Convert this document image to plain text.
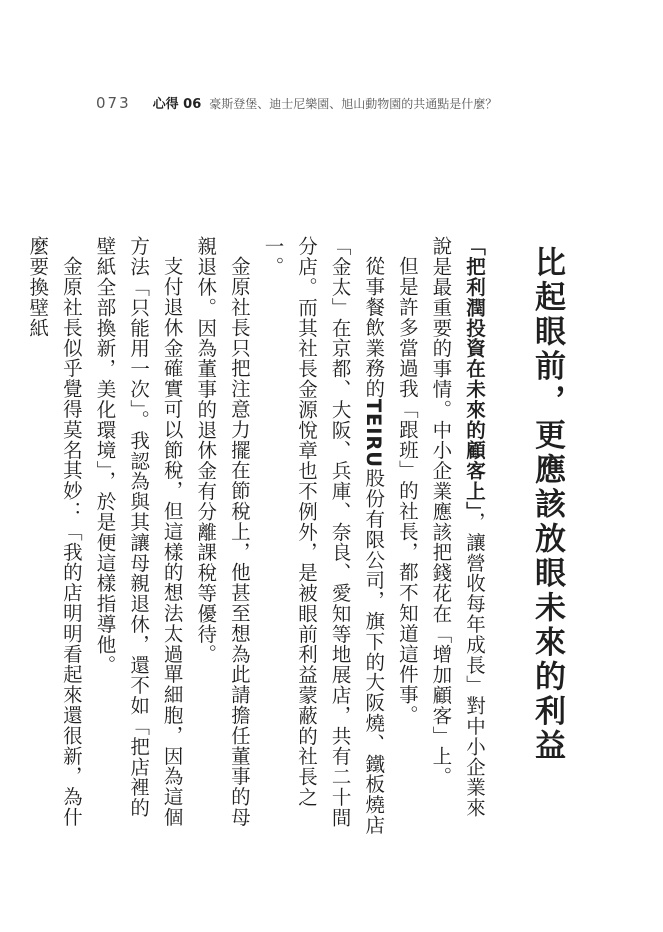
073 心得 06 豪斯登堡、迪士尼樂園、旭山動物園的共通點是什麼？
比起眼前，更應該放眼未來的利益

「把利潤投資在未來的顧客上」，讓營收每年成長」對中小企業來說是最重要的事情。中小企業應該把錢花在「增加顧客」上。

但是許多當過我「跟班」的社長，都不知道這件事。

從事餐飲業務的TEIRU股份有限公司，旗下的大阪燒、鐵板燒店「金太」在京都、大阪、兵庫、奈良、愛知等地展店，共有二十間分店。而其社長金源悅章也不例外，是被眼前利益蒙蔽的社長之一。

金原社長只把注意力擺在節稅上，他甚至想為此請擔任董事的母親退休。因為董事的退休金有分離課稅等優待。

支付退休金確實可以節稅，但這樣的想法太過單細胞，因為這個方法「只能用一次」。我認為與其讓母親退休，還不如「把店裡的壁紙全部換新，美化環境」，於是便這樣指導他。

金原社長似乎覺得莫名其妙：「我的店明明看起來還很新，為什麼要換壁紙
